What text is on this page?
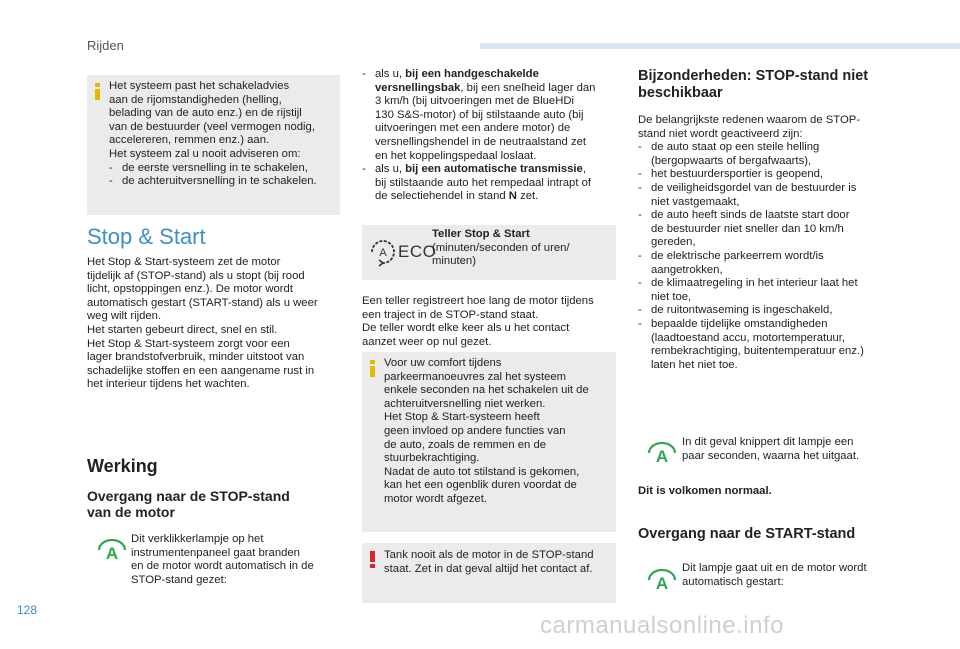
Rijden

Het systeem past het schakeladvies

aan de rijomstandigheden (helling,

belading van de auto enz.) en de rijstijl

van de bestuurder (veel vermogen nodig,

accelereren, remmen enz.) aan.

Het systeem zal u nooit adviseren om:

- de eerste versnelling in te schakelen,
- de achteruitversnelling in te schakelen.
Stop & Start

Het Stop & Start-systeem zet de motor

tijdelijk af (STOP-stand) als u stopt (bij rood

licht, opstoppingen enz.). De motor wordt

automatisch gestart (START-stand) als u weer

weg wilt rijden.

Het starten gebeurt direct, snel en stil.

Het Stop & Start-systeem zorgt voor een

lager brandstofverbruik, minder uitstoot van

schadelijke stoffen en een aangename rust in

het interieur tijdens het wachten.

Werking
Overgang naar de STOP-stand
van de motor
A

Dit verklikkerlampje op het

instrumentenpaneel gaat branden

en de motor wordt automatisch in de

STOP-stand gezet:

- als u, bij een handgeschakelde
versnellingsbak, bij een snelheid lager dan
3 km/h (bij uitvoeringen met de BlueHDi
130 S&S-motor) of bij stilstaande auto (bij
uitvoeringen met een andere motor) de
versnellingshendel in de neutraalstand zet
en het koppelingspedaal loslaat.
- als u, bij een automatische transmissie,
bij stilstaande auto het rempedaal intrapt of
de selectiehendel in stand N zet.
A ECO

Teller Stop & Start

(minuten/seconden of uren/

minuten)

Een teller registreert hoe lang de motor tijdens

een traject in de STOP-stand staat.

De teller wordt elke keer als u het contact

aanzet weer op nul gezet.

Voor uw comfort tijdens

parkeermanoeuvres zal het systeem

enkele seconden na het schakelen uit de

achteruitversnelling niet werken.

Het Stop & Start-systeem heeft

geen invloed op andere functies van

de auto, zoals de remmen en de

stuurbekrachtiging.

Nadat de auto tot stilstand is gekomen,

kan het een ogenblik duren voordat de

motor wordt afgezet.

Tank nooit als de motor in de STOP-stand

staat. Zet in dat geval altijd het contact af.

Bijzonderheden: STOP-stand niet
beschikbaar

De belangrijkste redenen waarom de STOP-

stand niet wordt geactiveerd zijn:

- de auto staat op een steile helling
(bergopwaarts of bergafwaarts),
- het bestuurdersportier is geopend,
- de veiligheidsgordel van de bestuurder is
niet vastgemaakt,
- de auto heeft sinds de laatste start door
de bestuurder niet sneller dan 10 km/h
gereden,
- de elektrische parkeerrem wordt/is
aangetrokken,
- de klimaatregeling in het interieur laat het
niet toe,
- de ruitontwaseming is ingeschakeld,
- bepaalde tijdelijke omstandigheden
(laadtoestand accu, motortemperatuur,
rembekrachtiging, buitentemperatuur enz.)
laten het niet toe.
A

In dit geval knippert dit lampje een

paar seconden, waarna het uitgaat.

Dit is volkomen normaal.
Overgang naar de START-stand
A

Dit lampje gaat uit en de motor wordt

automatisch gestart:

128
carmanualsonline.info
